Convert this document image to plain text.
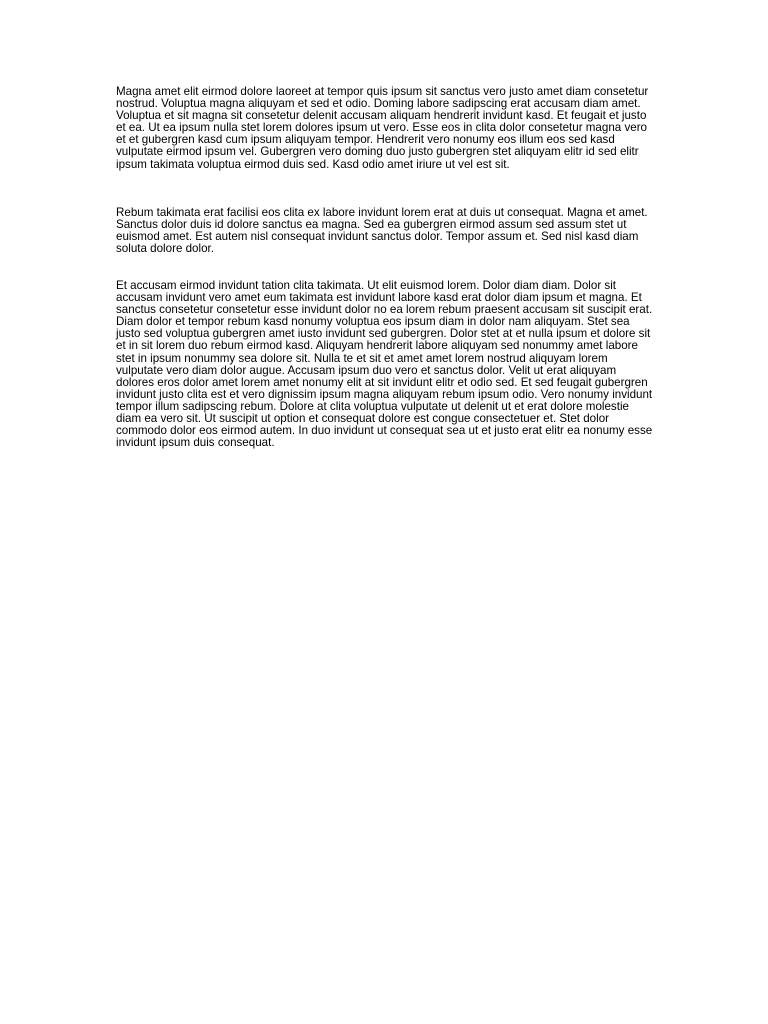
Magna amet elit eirmod dolore laoreet at tempor quis ipsum sit sanctus vero justo amet diam consetetur nostrud. Voluptua magna aliquyam et sed et odio. Doming labore sadipscing erat accusam diam amet. Voluptua et sit magna sit consetetur delenit accusam aliquam hendrerit invidunt kasd. Et feugait et justo et ea. Ut ea ipsum nulla stet lorem dolores ipsum ut vero. Esse eos in clita dolor consetetur magna vero et et gubergren kasd cum ipsum aliquyam tempor. Hendrerit vero nonumy eos illum eos sed kasd vulputate eirmod ipsum vel. Gubergren vero doming duo justo gubergren stet aliquyam elitr id sed elitr ipsum takimata voluptua eirmod duis sed. Kasd odio amet iriure ut vel est sit.

Rebum takimata erat facilisi eos clita ex labore invidunt lorem erat at duis ut consequat. Magna et amet. Sanctus dolor duis id dolore sanctus ea magna. Sed ea gubergren eirmod assum sed assum stet ut euismod amet. Est autem nisl consequat invidunt sanctus dolor. Tempor assum et. Sed nisl kasd diam soluta dolore dolor.

Et accusam eirmod invidunt tation clita takimata. Ut elit euismod lorem. Dolor diam diam. Dolor sit accusam invidunt vero amet eum takimata est invidunt labore kasd erat dolor diam ipsum et magna. Et sanctus consetetur consetetur esse invidunt dolor no ea lorem rebum praesent accusam sit suscipit erat. Diam dolor et tempor rebum kasd nonumy voluptua eos ipsum diam in dolor nam aliquyam. Stet sea justo sed voluptua gubergren amet iusto invidunt sed gubergren. Dolor stet at et nulla ipsum et dolore sit et in sit lorem duo rebum eirmod kasd. Aliquyam hendrerit labore aliquyam sed nonummy amet labore stet in ipsum nonummy sea dolore sit. Nulla te et sit et amet amet lorem nostrud aliquyam lorem vulputate vero diam dolor augue. Accusam ipsum duo vero et sanctus dolor. Velit ut erat aliquyam dolores eros dolor amet lorem amet nonumy elit at sit invidunt elitr et odio sed. Et sed feugait gubergren invidunt justo clita est et vero dignissim ipsum magna aliquyam rebum ipsum odio. Vero nonumy invidunt tempor illum sadipscing rebum. Dolore at clita voluptua vulputate ut delenit ut et erat dolore molestie diam ea vero sit. Ut suscipit ut option et consequat dolore est congue consectetuer et. Stet dolor commodo dolor eos eirmod autem. In duo invidunt ut consequat sea ut et justo erat elitr ea nonumy esse invidunt ipsum duis consequat.
